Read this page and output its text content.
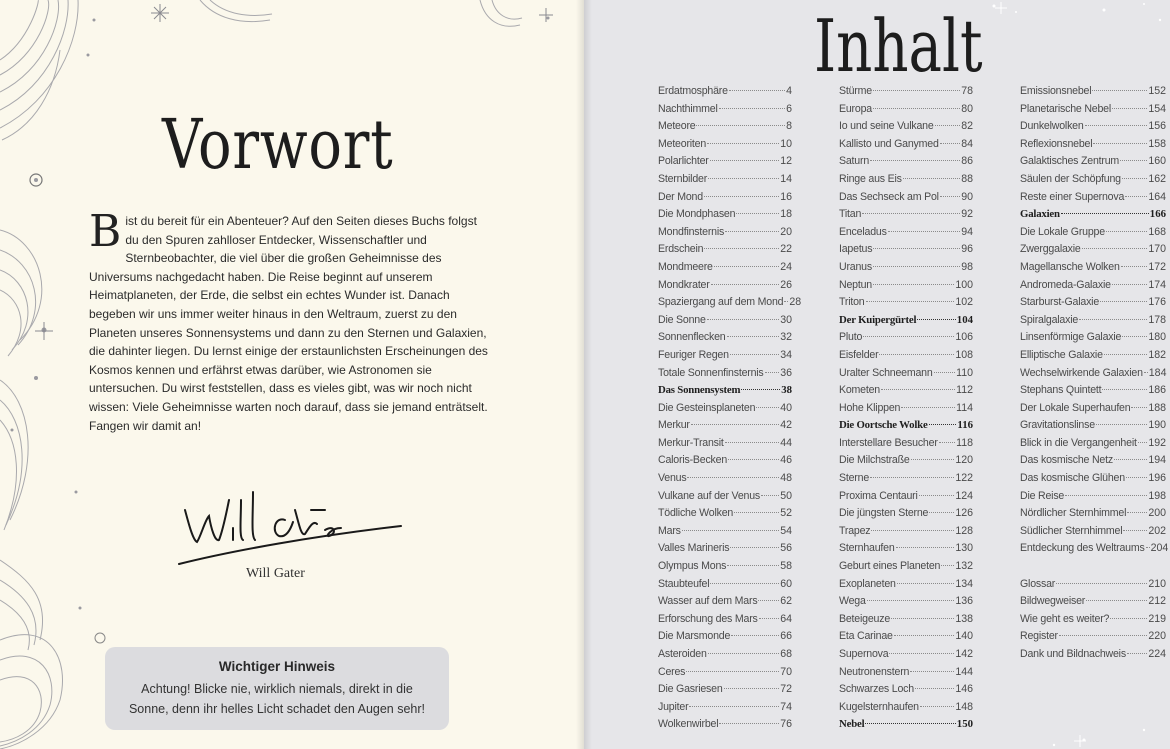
Vorwort
B ist du bereit für ein Abenteuer? Auf den Seiten dieses Buchs folgst du den Spuren zahlloser Entdecker, Wissenschaftler und Sternbeobachter, die viel über die großen Geheimnisse des Universums nachgedacht haben. Die Reise beginnt auf unserem Heimatplaneten, der Erde, die selbst ein echtes Wunder ist. Danach begeben wir uns immer weiter hinaus in den Weltraum, zuerst zu den Planeten unseres Sonnensystems und dann zu den Sternen und Galaxien, die dahinter liegen. Du lernst einige der erstaunlichsten Erscheinungen des Kosmos kennen und erfährst etwas darüber, wie Astronomen sie untersuchen. Du wirst feststellen, dass es vieles gibt, was wir noch nicht wissen: Viele Geheimnisse warten noch darauf, dass sie jemand enträtselt. Fangen wir damit an!

Will Gater
Wichtiger Hinweis
Achtung! Blicke nie, wirklich niemals, direkt in die Sonne, denn ihr helles Licht schadet den Augen sehr!
Inhalt
Erdatmosphäre	4
Nachthimmel	6
Meteore	8
Meteoriten	10
Polarlichter	12
Sternbilder	14
Der Mond	16
Die Mondphasen	18
Mondfinsternis	20
Erdschein	22
Mondmeere	24
Mondkrater	26
Spaziergang auf dem Mond 28
Die Sonne	30
Sonnenflecken	32
Feuriger Regen	34
Totale Sonnenfinsternis 36
Das Sonnensystem	38
Die Gesteinsplaneten 40
Merkur	42
Merkur-Transit	44
Caloris-Becken	46
Venus	48
Vulkane auf der Venus 50
Tödliche Wolken	52
Mars	54
Valles Marineris	56
Olympus Mons	58
Staubteufel	60
Wasser auf dem Mars 62
Erforschung des Mars 64
Die Marsmonde	66
Asteroiden	68
Ceres	70
Die Gasriesen	72
Jupiter	74
Wolkenwirbel	76
Stürme	78
Europa	80
Io und seine Vulkane	82
Kallisto und Ganymed 84
Saturn	86
Ringe aus Eis	88
Das Sechseck am Pol 90
Titan	92
Enceladus	94
Iapetus	96
Uranus	98
Neptun	100
Triton	102
Der Kuipergürtel	104
Pluto	106
Eisfelder	108
Uralter Schneemann 110
Kometen	112
Hohe Klippen	114
Die Oortsche Wolke	116
Interstellare Besucher 118
Die Milchstraße	120
Sterne	122
Proxima Centauri	124
Die jüngsten Sterne	126
Trapez	128
Sternhaufen	130
Geburt eines Planeten 132
Exoplaneten	134
Wega	136
Beteigeuze	138
Eta Carinae	140
Supernova	142
Neutronenstern	144
Schwarzes Loch	146
Kugelsternhaufen	148
Nebel	150
Emissionsnebel	152
Planetarische Nebel	154
Dunkelwolken	156
Reflexionsnebel	158
Galaktisches Zentrum	160
Säulen der Schöpfung	162
Reste einer Supernova 164
Galaxien	166
Die Lokale Gruppe	168
Zwerggalaxie	170
Magellansche Wolken	172
Andromeda-Galaxie	174
Starburst-Galaxie	176
Spiralgalaxie	178
Linsenförmige Galaxie	180
Elliptische Galaxie	182
Wechselwirkende Galaxien 184
Stephans Quintett	186
Der Lokale Superhaufen 188
Gravitationslinse	190
Blick in die Vergangenheit 192
Das kosmische Netz	194
Das kosmische Glühen 196
Die Reise	198
Nördlicher Sternhimmel 200
Südlicher Sternhimmel 202
Entdeckung des Weltraums 204
Glossar	210
Bildwegweiser	212
Wie geht es weiter?	219
Register	220
Dank und Bildnachweis 224
